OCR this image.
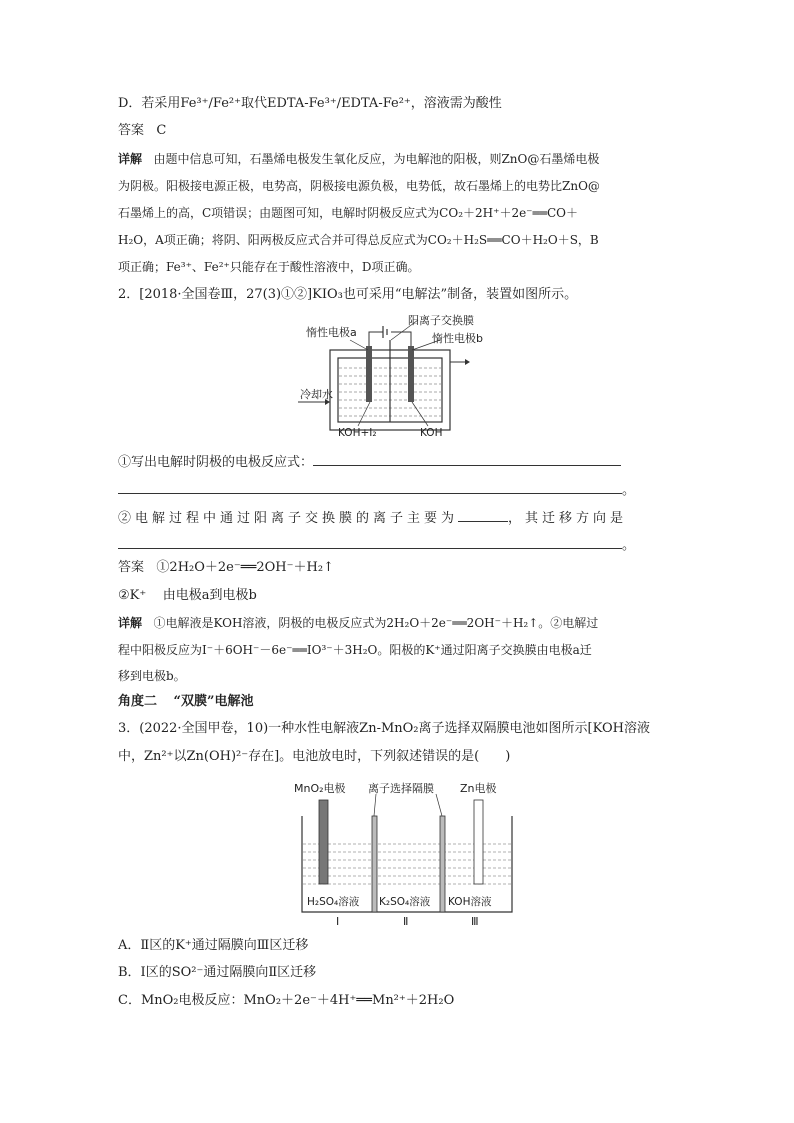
D．若采用Fe³⁺/Fe²⁺取代EDTA-Fe³⁺/EDTA-Fe²⁺，溶液需为酸性
答案 C
详解 由题中信息可知，石墨烯电极发生氧化反应，为电解池的阳极，则ZnO@石墨烯电极
为阴极。阳极接电源正极，电势高，阴极接电源负极，电势低，故石墨烯上的电势比ZnO@
石墨烯上的高，C项错误；由题图可知，电解时阴极反应式为CO₂＋2H⁺＋2e⁻══CO＋
H₂O，A项正确；将阴、阳两极反应式合并可得总反应式为CO₂＋H₂S══CO＋H₂O＋S，B
项正确；Fe³⁺、Fe²⁺只能存在于酸性溶液中，D项正确。
2．[2018·全国卷Ⅲ，27(3)①②]KIO₃也可采用“电解法”制备，装置如图所示。
惰性电极a
阳离子交换膜
惰性电极b
冷却水
KOH+I₂	KOH
①写出电解时阴极的电极反应式：
。
②电解过程中通过阳离子交换膜的离子主要为	，其迁移方向是
。
答案 ①2H₂O＋2e⁻══2OH⁻＋H₂↑
②K⁺ 由电极a到电极b
详解 ①电解液是KOH溶液，阴极的电极反应式为2H₂O＋2e⁻══2OH⁻＋H₂↑。②电解过
程中阳极反应为I⁻＋6OH⁻－6e⁻══IO³⁻＋3H₂O。阳极的K⁺通过阳离子交换膜由电极a迁
移到电极b。
角度二 “双膜”电解池
3．(2022·全国甲卷，10)一种水性电解液Zn-MnO₂离子选择双隔膜电池如图所示[KOH溶液
中，Zn²⁺以Zn(OH)²⁻存在]。电池放电时，下列叙述错误的是(　　)
MnO₂电极 离子选择隔膜 Zn电极
H₂SO₄溶液 K₂SO₄溶液 KOH溶液
Ⅰ	Ⅱ	Ⅲ
A．Ⅱ区的K⁺通过隔膜向Ⅲ区迁移
B．Ⅰ区的SO²⁻通过隔膜向Ⅱ区迁移
C．MnO₂电极反应：MnO₂＋2e⁻＋4H⁺══Mn²⁺＋2H₂O
